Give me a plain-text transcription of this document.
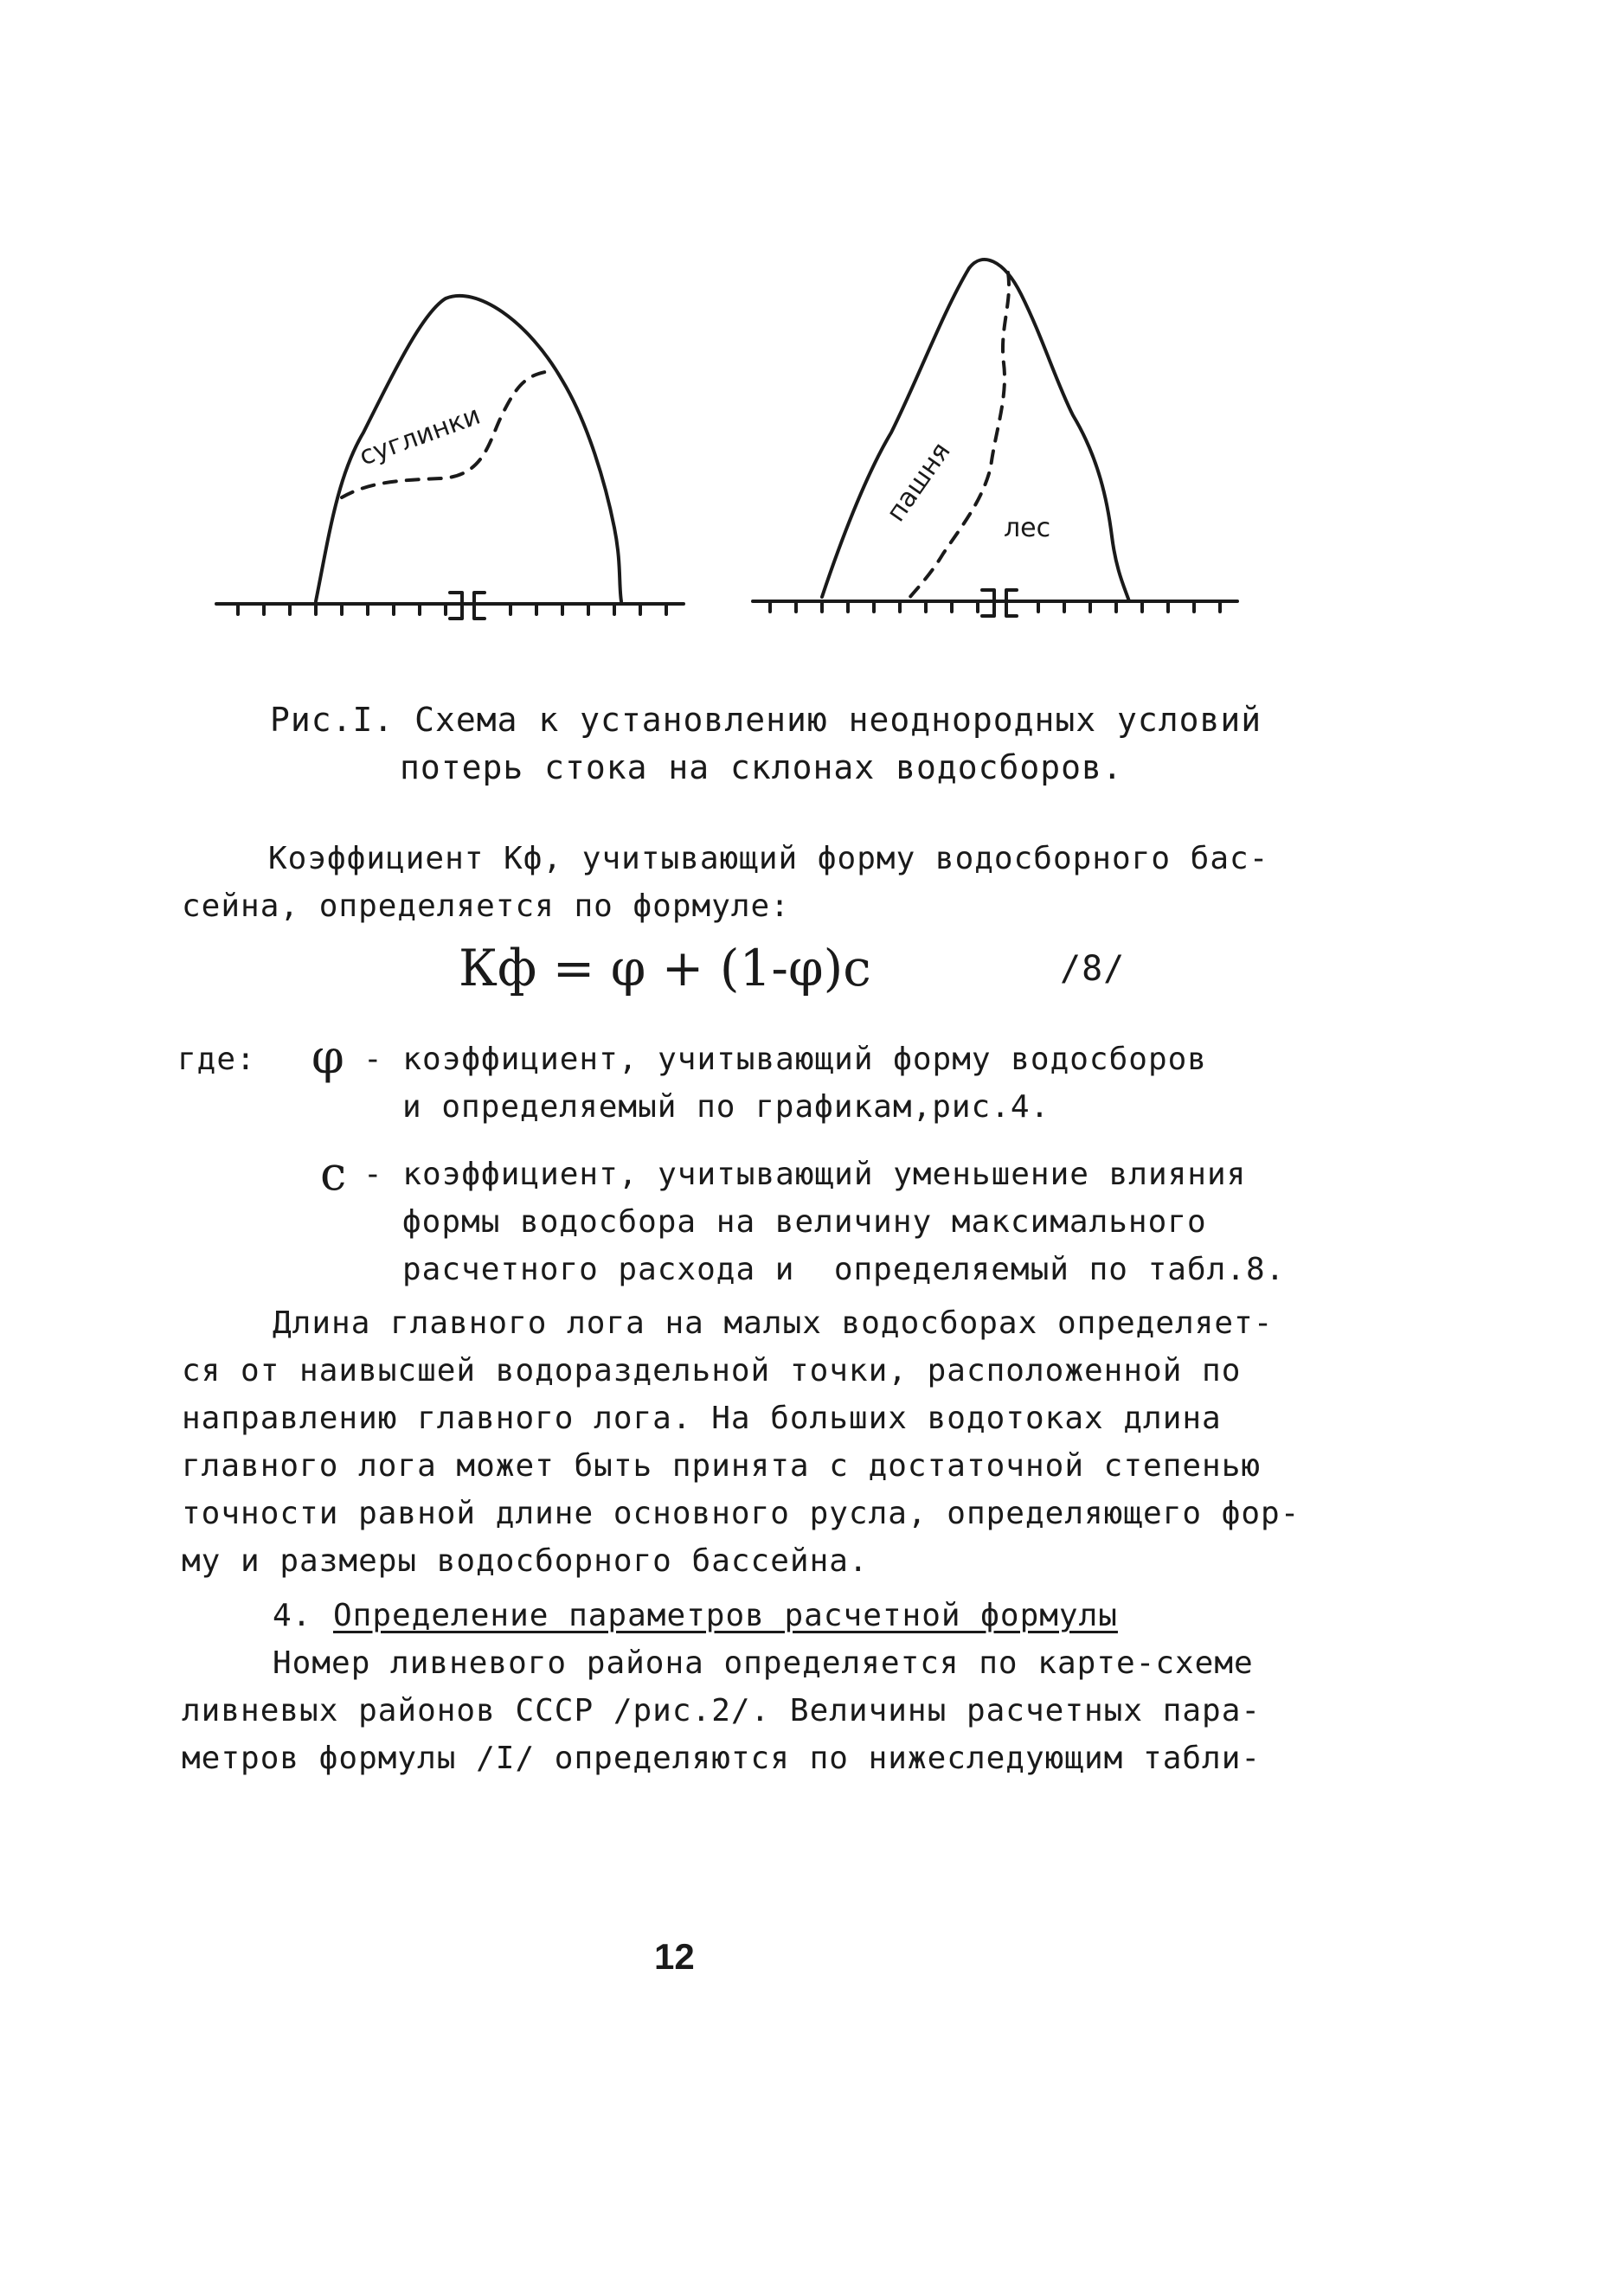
суглинки
пашня
лес
Рис.I. Схема к установлению неоднородных условий
потерь стока на склонах водосборов.
Коэффициент Кф, учитывающий форму водосборного бас-
сейна, определяется по формуле:
Кф = φ + (1-φ)c	/8/
где: φ - коэффициент, учитывающий форму водосборов
и определяемый по графикам,рис.4.
c - коэффициент, учитывающий уменьшение влияния
формы водосбора на величину максимального
расчетного расхода и  определяемый по табл.8.
Длина главного лога на малых водосборах определяет-
ся от наивысшей водораздельной точки, расположенной по
направлению главного лога. На больших водотоках длина
главного лога может быть принята с достаточной степенью
точности равной длине основного русла, определяющего фор-
му и размеры водосборного бассейна.
4. Определение параметров расчетной формулы
Номер ливневого района определяется по карте-схеме
ливневых районов СССР /рис.2/. Величины расчетных пара-
метров формулы /I/ определяются по нижеследующим табли-
12
